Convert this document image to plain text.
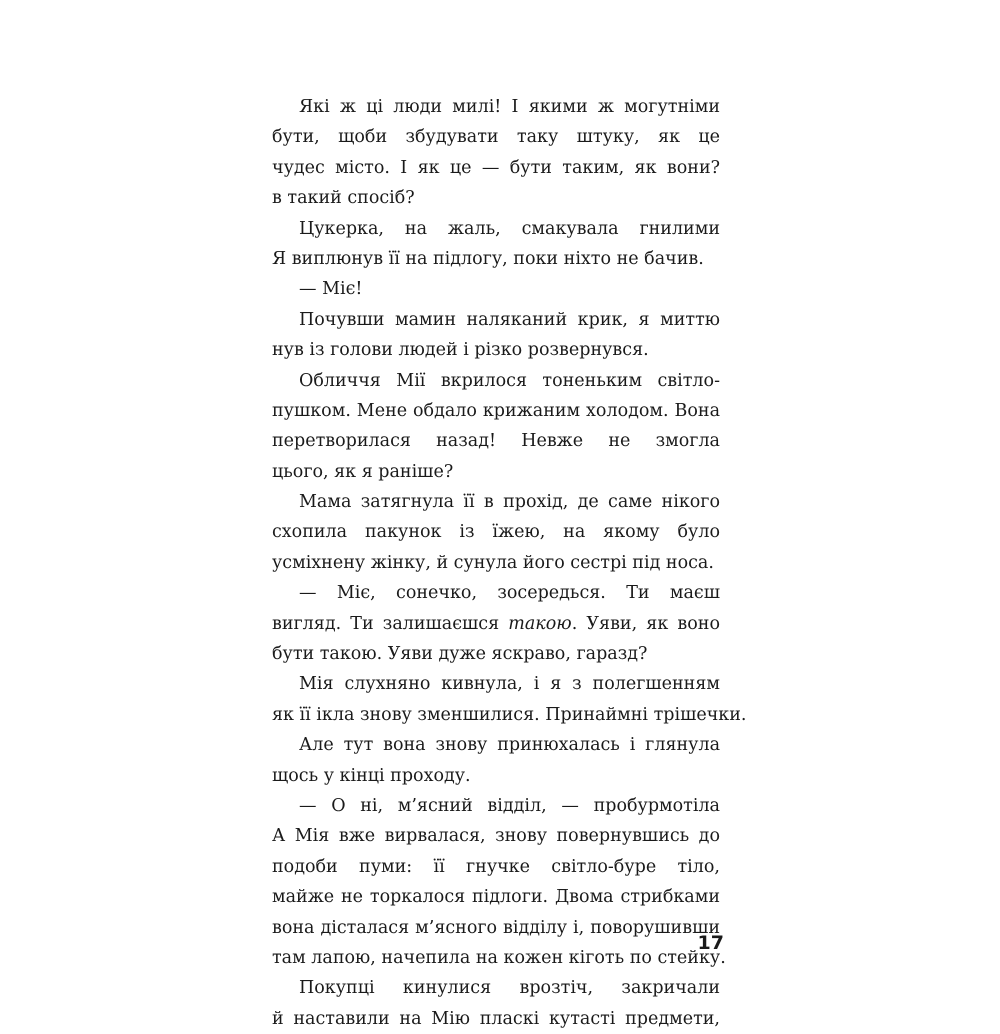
Які ж ці люди милі! І якими ж могутніми
бути, щоби збудувати таку штуку, як це
чудес місто. І як це — бути таким, як вони?
в такий спосіб?
Цукерка, на жаль, смакувала гнилими
Я виплюнув її на підлогу, поки ніхто не бачив.
— Міє!
Почувши мамин наляканий крик, я миттю
нув із голови людей і різко розвернувся.
Обличчя Мії вкрилося тоненьким світло-
пушком. Мене обдало крижаним холодом. Вона
перетворилася назад! Невже не змогла
цього, як я раніше?
Мама затягнула її в прохід, де саме нікого
схопила пакунок із їжею, на якому було
усміхнену жінку, й сунула його сестрі під носа.
— Міє, сонечко, зосередься. Ти маєш
вигляд. Ти залишаєшся такою. Уяви, як воно
бути такою. Уяви дуже яскраво, гаразд?
Мія слухняно кивнула, і я з полегшенням
як її ікла знову зменшилися. Принаймні трішечки.
Але тут вона знову принюхалась і глянула
щось у кінці проходу.
— О ні, м’ясний відділ, — пробурмотіла
А Мія вже вирвалася, знову повернувшись до
подоби пуми: її гнучке світло-буре тіло,
майже не торкалося підлоги. Двома стрибками
вона дісталася м’ясного відділу і, поворушивши
там лапою, начепила на кожен кіготь по стейку.
Покупці кинулися врозтіч, закричали
й наставили на Мію пласкі кутасті предмети,
17
